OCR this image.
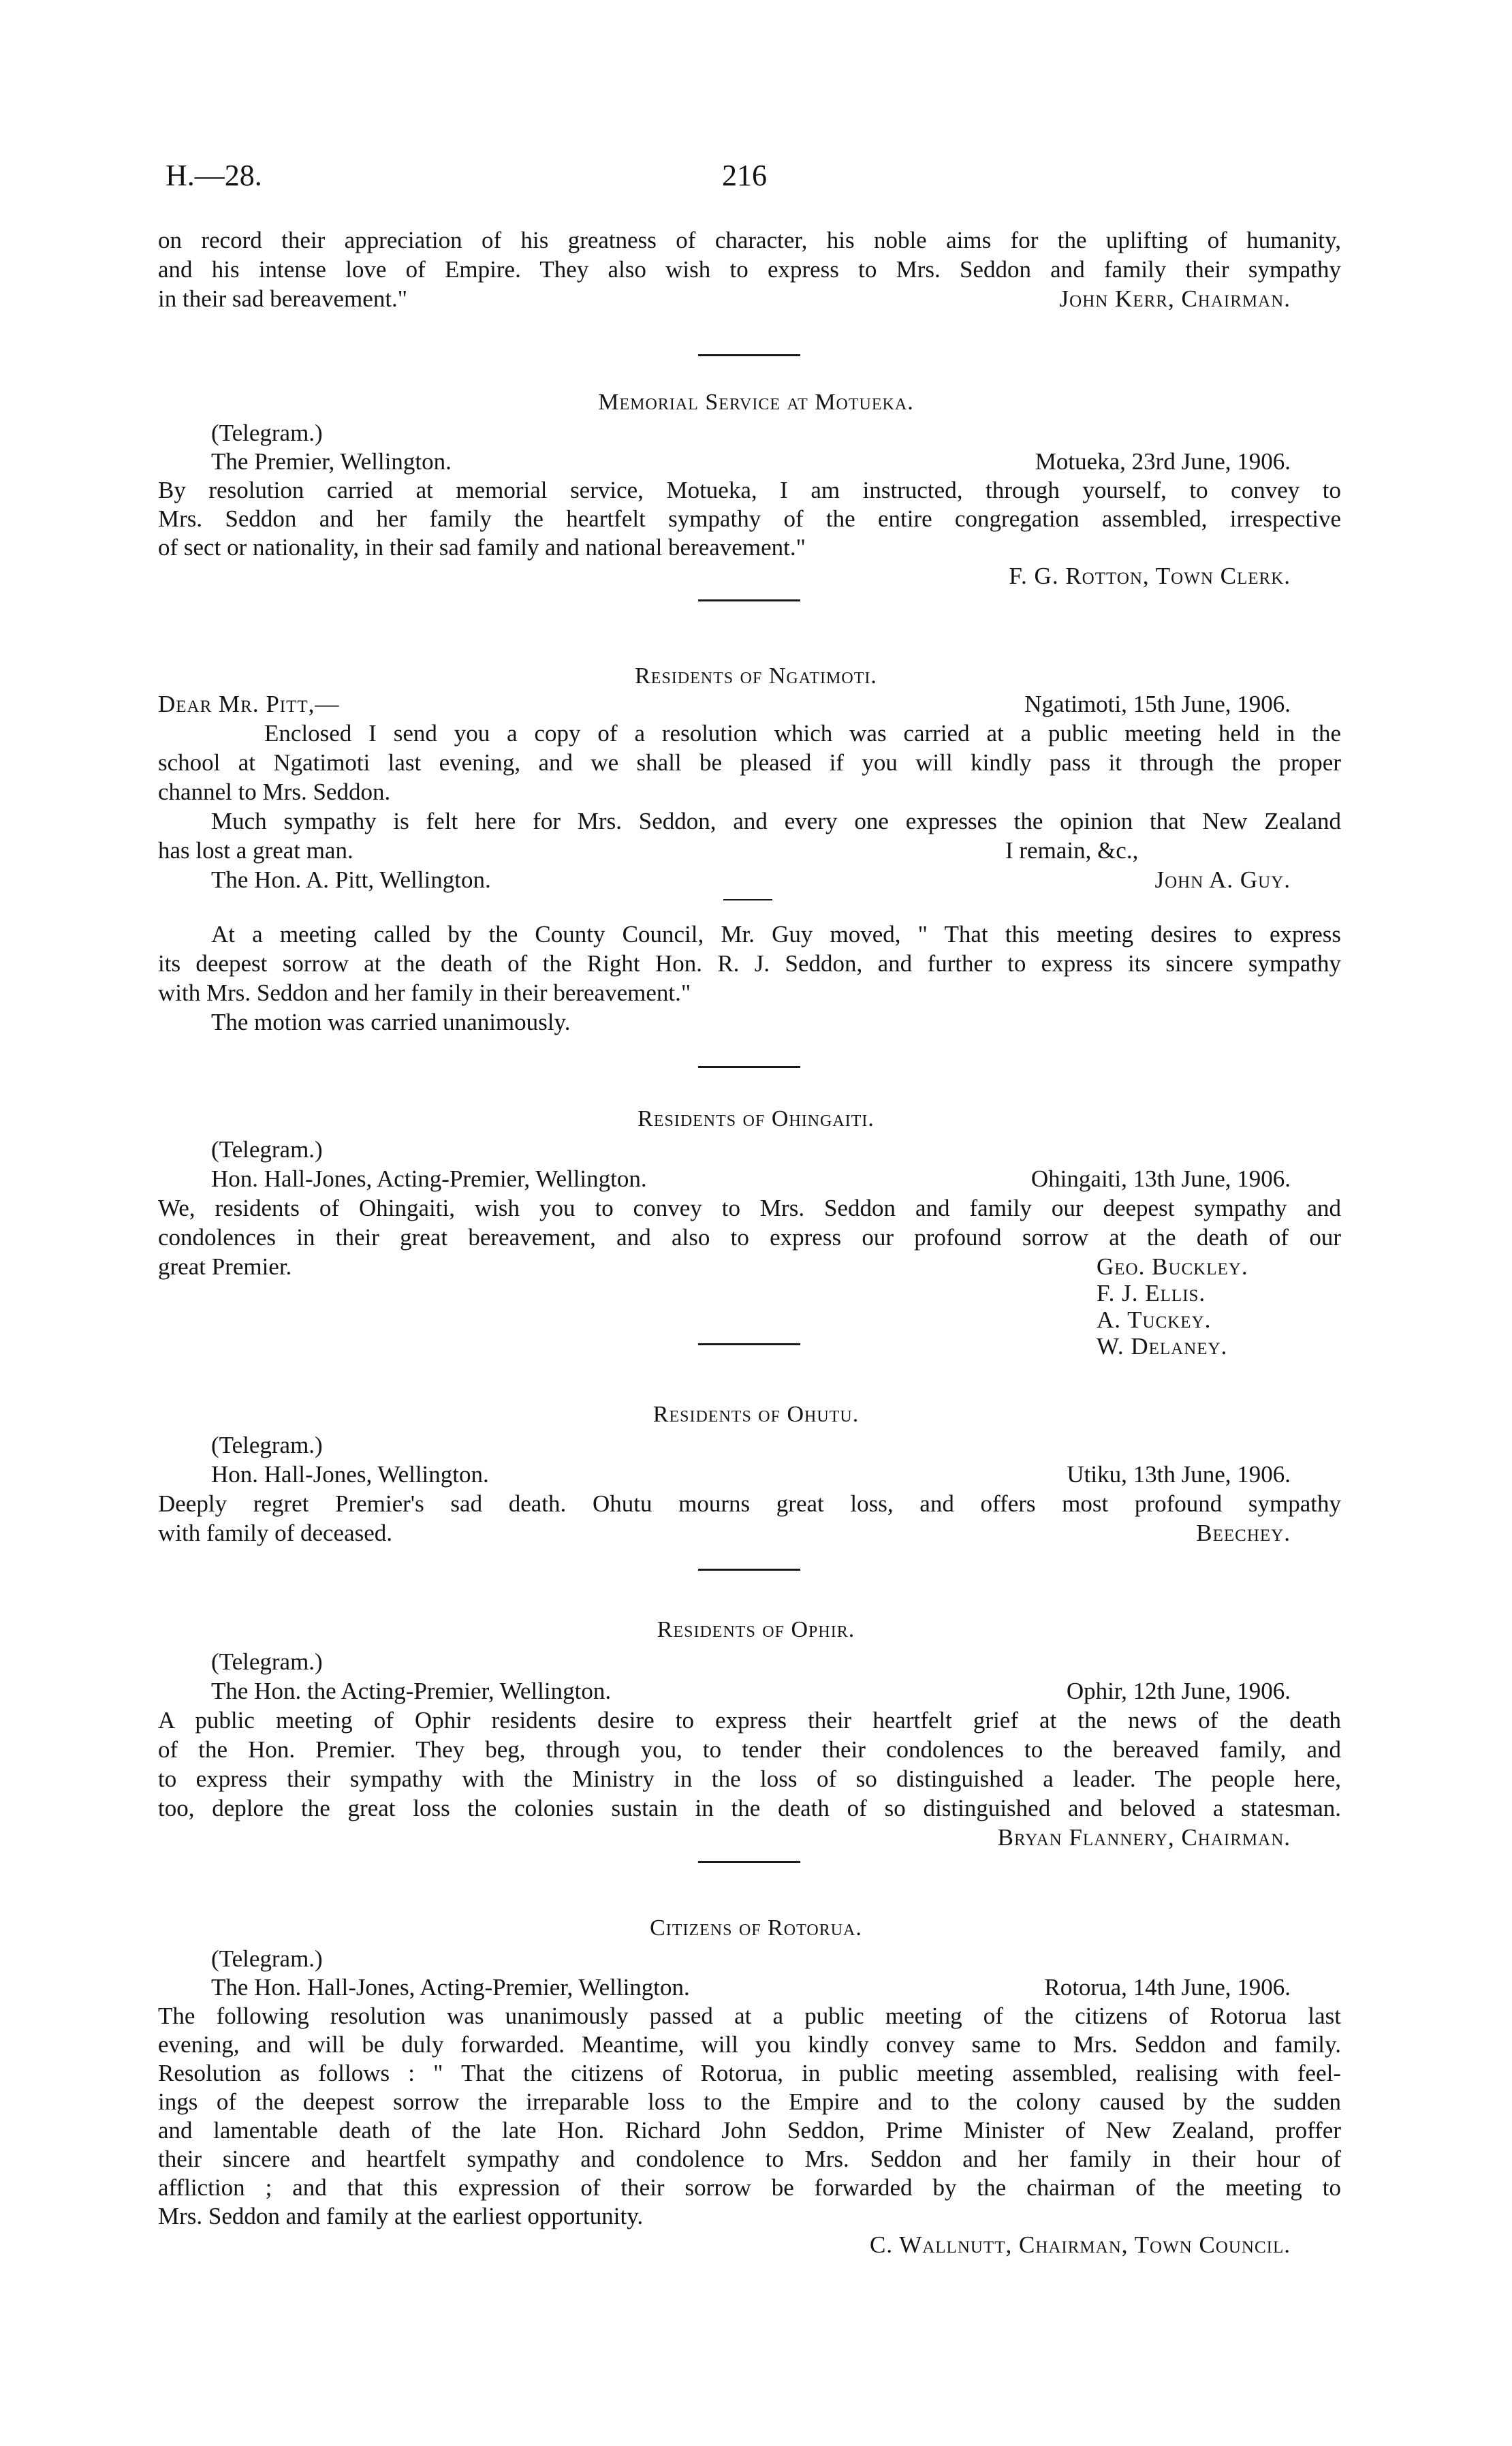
H.—28.	216
on record their appreciation of his greatness of character, his noble aims for the uplifting of humanity,
and his intense love of Empire. They also wish to express to Mrs. Seddon and family their sympathy
in their sad bereavement."	John Kerr, Chairman.
Memorial Service at Motueka.
(Telegram.)
The Premier, Wellington.	Motueka, 23rd June, 1906.
By resolution carried at memorial service, Motueka, I am instructed, through yourself, to convey to
Mrs. Seddon and her family the heartfelt sympathy of the entire congregation assembled, irrespective
of sect or nationality, in their sad family and national bereavement."
F. G. Rotton, Town Clerk.
Residents of Ngatimoti.
Dear Mr. Pitt,—	Ngatimoti, 15th June, 1906.
Enclosed I send you a copy of a resolution which was carried at a public meeting held in the
school at Ngatimoti last evening, and we shall be pleased if you will kindly pass it through the proper
channel to Mrs. Seddon.
Much sympathy is felt here for Mrs. Seddon, and every one expresses the opinion that New Zealand
has lost a great man.	I remain, &c.,
The Hon. A. Pitt, Wellington.	John A. Guy.
At a meeting called by the County Council, Mr. Guy moved, " That this meeting desires to express
its deepest sorrow at the death of the Right Hon. R. J. Seddon, and further to express its sincere sympathy
with Mrs. Seddon and her family in their bereavement."
The motion was carried unanimously.
Residents of Ohingaiti.
(Telegram.)
Hon. Hall-Jones, Acting-Premier, Wellington.	Ohingaiti, 13th June, 1906.
We, residents of Ohingaiti, wish you to convey to Mrs. Seddon and family our deepest sympathy and
condolences in their great bereavement, and also to express our profound sorrow at the death of our
great Premier.	Geo. Buckley.
F. J. Ellis.
A. Tuckey.
W. Delaney.
Residents of Ohutu.
(Telegram.)
Hon. Hall-Jones, Wellington.	Utiku, 13th June, 1906.
Deeply regret Premier's sad death. Ohutu mourns great loss, and offers most profound sympathy
with family of deceased.	Beechey.
Residents of Ophir.
(Telegram.)
The Hon. the Acting-Premier, Wellington.	Ophir, 12th June, 1906.
A public meeting of Ophir residents desire to express their heartfelt grief at the news of the death
of the Hon. Premier. They beg, through you, to tender their condolences to the bereaved family, and
to express their sympathy with the Ministry in the loss of so distinguished a leader. The people here,
too, deplore the great loss the colonies sustain in the death of so distinguished and beloved a statesman.
Bryan Flannery, Chairman.
Citizens of Rotorua.
(Telegram.)
The Hon. Hall-Jones, Acting-Premier, Wellington.	Rotorua, 14th June, 1906.
The following resolution was unanimously passed at a public meeting of the citizens of Rotorua last
evening, and will be duly forwarded. Meantime, will you kindly convey same to Mrs. Seddon and family.
Resolution as follows : " That the citizens of Rotorua, in public meeting assembled, realising with feel-
ings of the deepest sorrow the irreparable loss to the Empire and to the colony caused by the sudden
and lamentable death of the late Hon. Richard John Seddon, Prime Minister of New Zealand, proffer
their sincere and heartfelt sympathy and condolence to Mrs. Seddon and her family in their hour of
affliction ; and that this expression of their sorrow be forwarded by the chairman of the meeting to
Mrs. Seddon and family at the earliest opportunity.
C. Wallnutt, Chairman, Town Council.
